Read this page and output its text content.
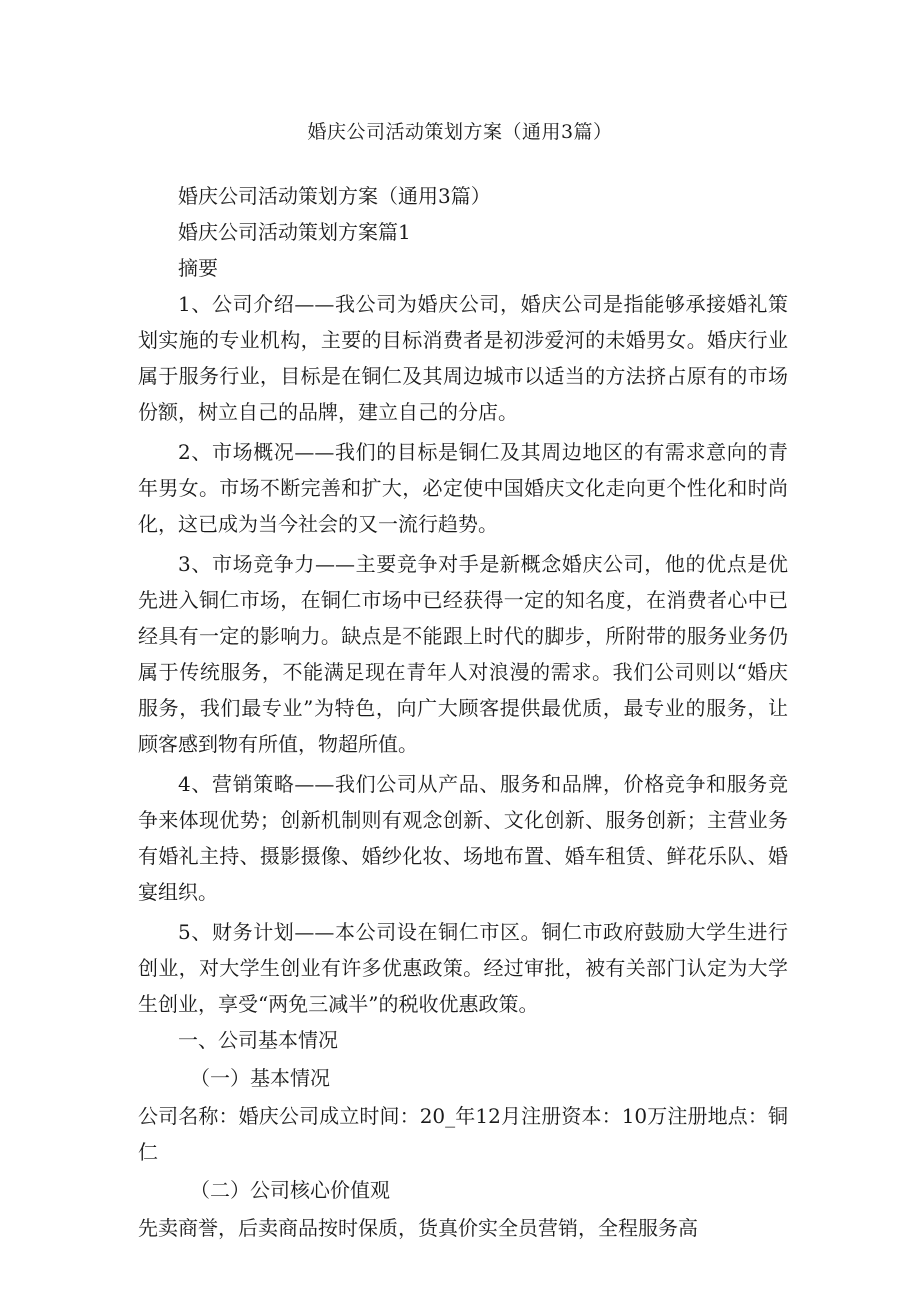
婚庆公司活动策划方案（通用3篇）

婚庆公司活动策划方案（通用3篇）

婚庆公司活动策划方案篇1

摘要

1、公司介绍——我公司为婚庆公司，婚庆公司是指能够承接婚礼策划实施的专业机构，主要的目标消费者是初涉爱河的未婚男女。婚庆行业属于服务行业，目标是在铜仁及其周边城市以适当的方法挤占原有的市场份额，树立自己的品牌，建立自己的分店。

2、市场概况——我们的目标是铜仁及其周边地区的有需求意向的青年男女。市场不断完善和扩大，必定使中国婚庆文化走向更个性化和时尚化，这已成为当今社会的又一流行趋势。

3、市场竞争力——主要竞争对手是新概念婚庆公司，他的优点是优先进入铜仁市场，在铜仁市场中已经获得一定的知名度，在消费者心中已经具有一定的影响力。缺点是不能跟上时代的脚步，所附带的服务业务仍属于传统服务，不能满足现在青年人对浪漫的需求。我们公司则以“婚庆服务，我们最专业”为特色，向广大顾客提供最优质，最专业的服务，让顾客感到物有所值，物超所值。

4、营销策略——我们公司从产品、服务和品牌，价格竞争和服务竞争来体现优势；创新机制则有观念创新、文化创新、服务创新；主营业务有婚礼主持、摄影摄像、婚纱化妆、场地布置、婚车租赁、鲜花乐队、婚宴组织。

5、财务计划——本公司设在铜仁市区。铜仁市政府鼓励大学生进行创业，对大学生创业有许多优惠政策。经过审批，被有关部门认定为大学生创业，享受“两免三减半”的税收优惠政策。

一、公司基本情况

（一）基本情况

公司名称：婚庆公司成立时间：20_年12月注册资本：10万注册地点：铜仁

（二）公司核心价值观

先卖商誉，后卖商品按时保质，货真价实全员营销，全程服务高
